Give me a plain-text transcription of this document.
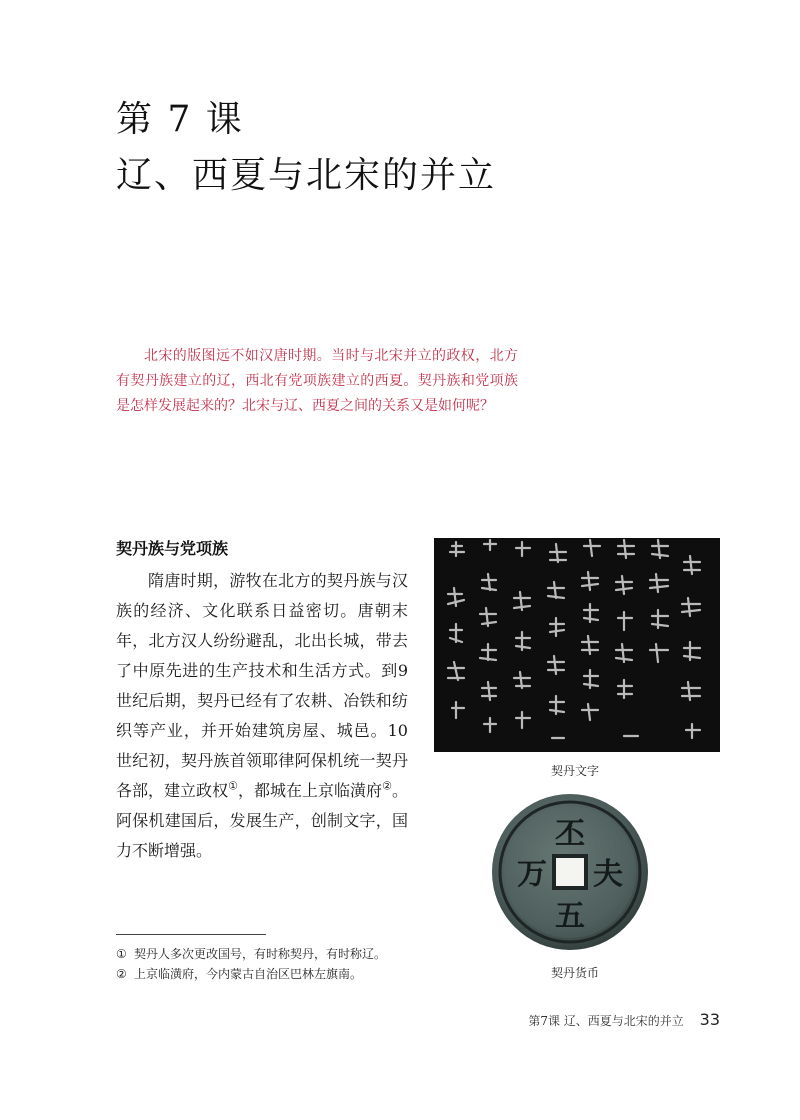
第 7 课
辽、西夏与北宋的并立

北宋的版图远不如汉唐时期。当时与北宋并立的政权，北方有契丹族建立的辽，西北有党项族建立的西夏。契丹族和党项族是怎样发展起来的？北宋与辽、西夏之间的关系又是如何呢？

契丹族与党项族

隋唐时期，游牧在北方的契丹族与汉族的经济、文化联系日益密切。唐朝末年，北方汉人纷纷避乱，北出长城，带去了中原先进的生产技术和生活方式。到9世纪后期，契丹已经有了农耕、冶铁和纺织等产业，并开始建筑房屋、城邑。10世纪初，契丹族首领耶律阿保机统一契丹各部，建立政权①，都城在上京临潢府②。阿保机建国后，发展生产，创制文字，国力不断增强。

契丹文字
丕
夫
五
万
契丹货币
① 契丹人多次更改国号，有时称契丹，有时称辽。
② 上京临潢府，今内蒙古自治区巴林左旗南。
第7课 辽、西夏与北宋的并立 33
